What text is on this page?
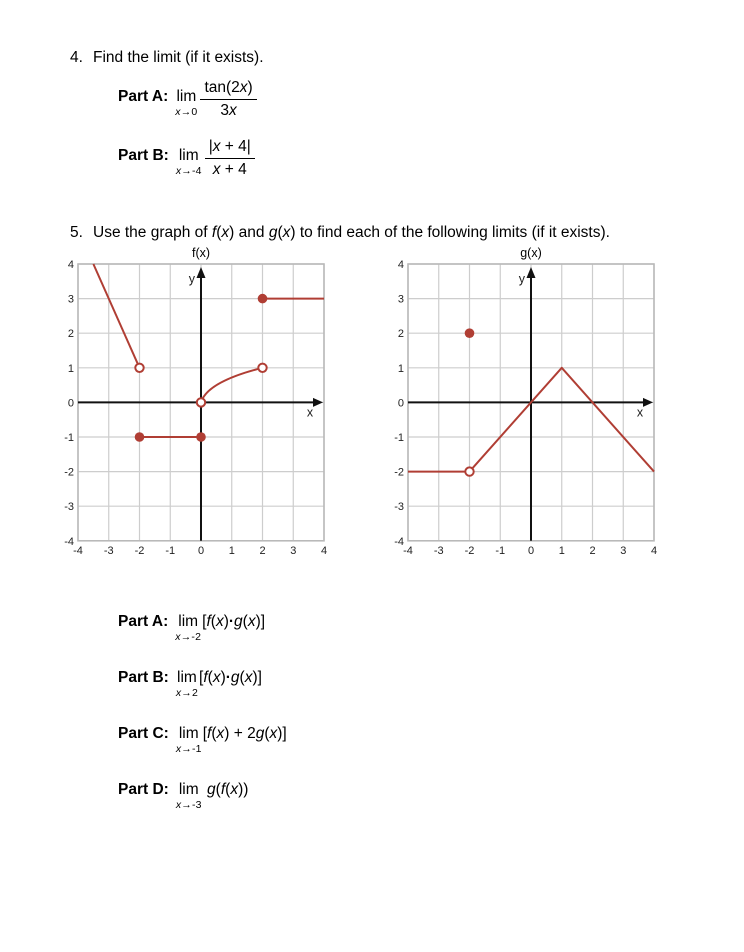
4. Find the limit (if it exists).
Part A: lim
$x\to 0 \frac{\tan(2x)}{3x}$
Part B: lim
$x\to-4 \frac{|x + 4|}{x + 4}$
5. Use the graph of f(x) and g(x) to find each of the following limits (if it exists).
x
y
f(x)
-4 -3 -2 -1 0 1 2 3 4
4
3
2
1
0
-1
-2
-3
-4
x
y
g(x)
-4 -3 -2 -1 0 1 2 3 4
4
3
2
1
0
-1
-2
-3
-4
Part A: lim
x→-2
[f(x)·g(x)]
Part B: lim
x→2
[f(x)·g(x)]
Part C: lim
x→-1
[f(x) + 2g(x)]
Part D: lim
x→-3
g(f(x))
